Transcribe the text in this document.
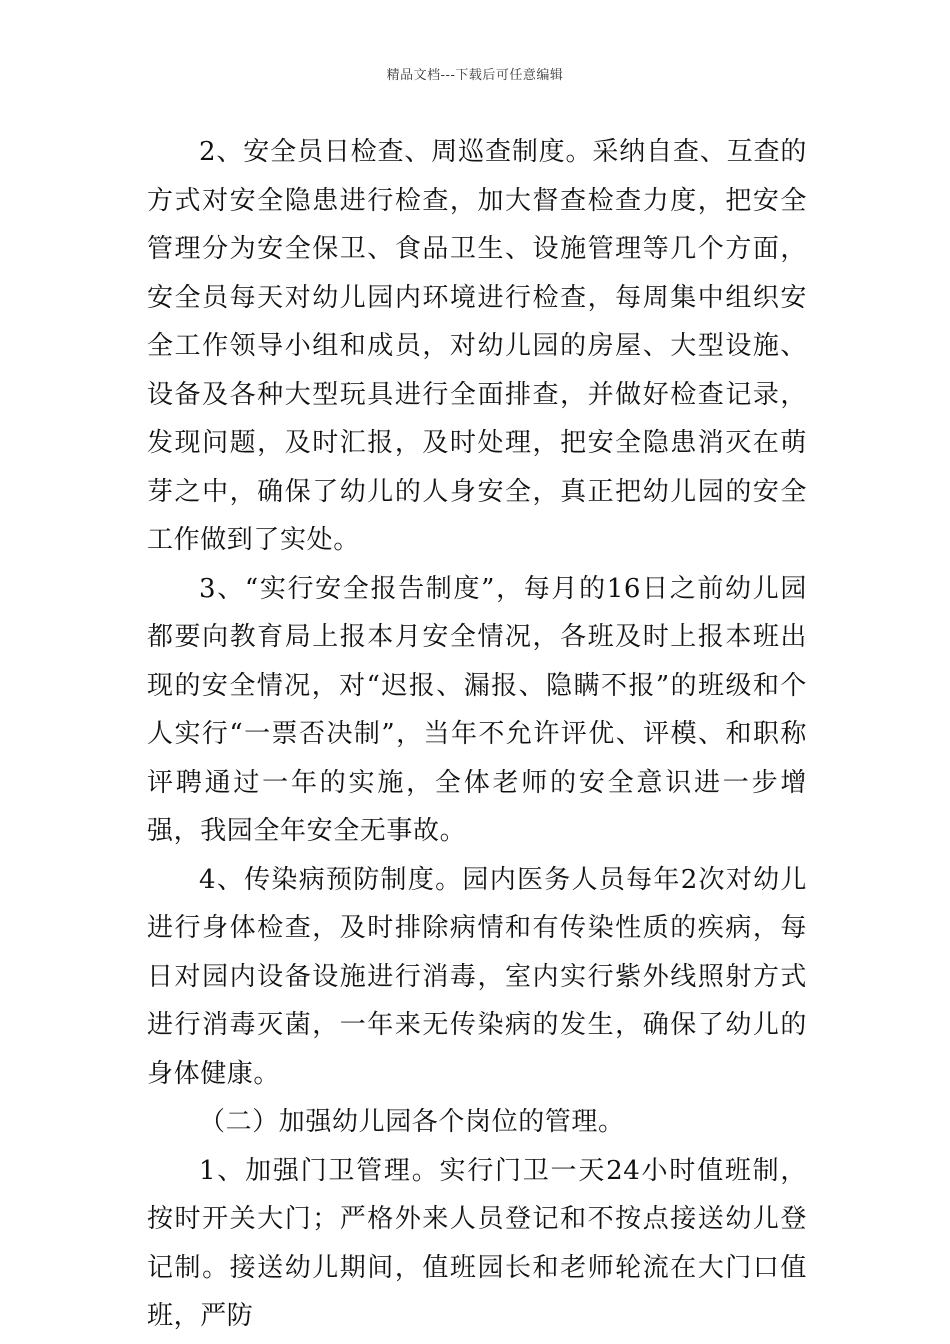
精品文档---下载后可任意编辑

2、安全员日检查、周巡查制度。采纳自查、互查的方式对安全隐患进行检查，加大督查检查力度，把安全管理分为安全保卫、食品卫生、设施管理等几个方面，安全员每天对幼儿园内环境进行检查，每周集中组织安全工作领导小组和成员，对幼儿园的房屋、大型设施、设备及各种大型玩具进行全面排查，并做好检查记录，发现问题，及时汇报，及时处理，把安全隐患消灭在萌芽之中，确保了幼儿的人身安全，真正把幼儿园的安全工作做到了实处。

3、“实行安全报告制度”，每月的16日之前幼儿园都要向教育局上报本月安全情况，各班及时上报本班出现的安全情况，对“迟报、漏报、隐瞒不报”的班级和个人实行“一票否决制”，当年不允许评优、评模、和职称评聘通过一年的实施，全体老师的安全意识进一步增强，我园全年安全无事故。

4、传染病预防制度。园内医务人员每年2次对幼儿进行身体检查，及时排除病情和有传染性质的疾病，每日对园内设备设施进行消毒，室内实行紫外线照射方式进行消毒灭菌，一年来无传染病的发生，确保了幼儿的身体健康。

（二）加强幼儿园各个岗位的管理。

1、加强门卫管理。实行门卫一天24小时值班制，按时开关大门；严格外来人员登记和不按点接送幼儿登记制。接送幼儿期间，值班园长和老师轮流在大门口值班，严防
